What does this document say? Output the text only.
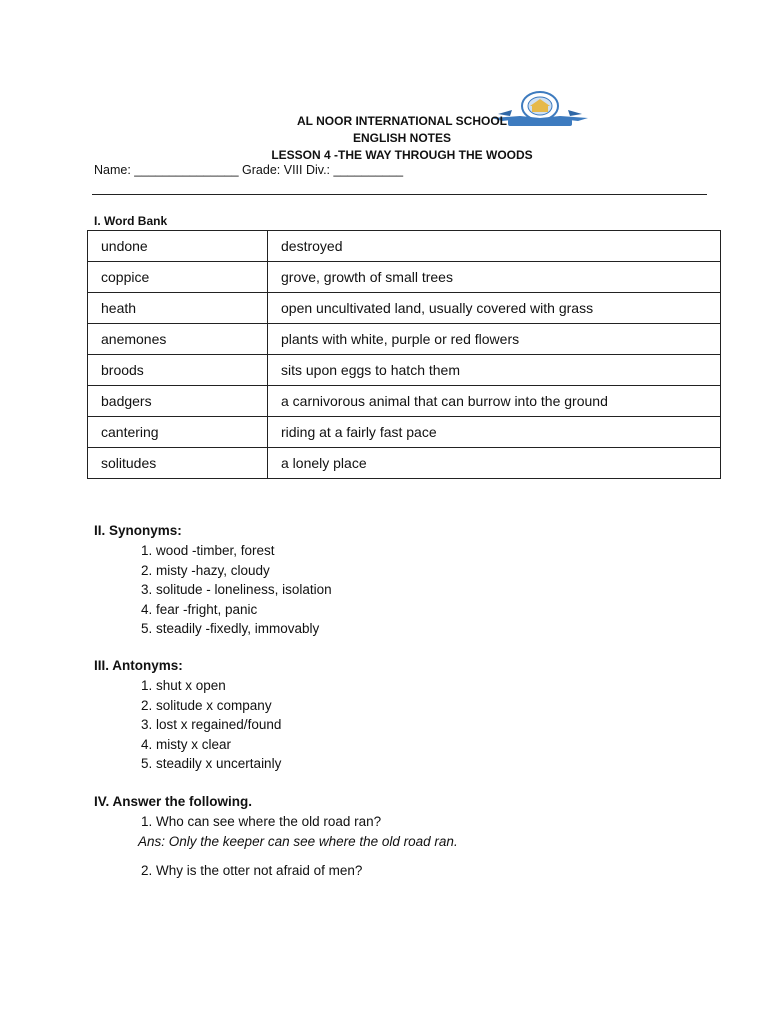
AL NOOR INTERNATIONAL SCHOOL
ENGLISH NOTES
LESSON 4 -THE WAY THROUGH THE WOODS
Name: _______________ Grade: VIII Div.: __________
I. Word Bank
undone	destroyed
coppice	grove, growth of small trees
heath	open uncultivated land, usually covered with grass
anemones	plants with white, purple or red flowers
broods	sits upon eggs to hatch them
badgers	a carnivorous animal that can burrow into the ground
cantering	riding at a fairly fast pace
solitudes	a lonely place
II. Synonyms:
1. wood -timber, forest
2. misty -hazy, cloudy
3. solitude - loneliness, isolation
4. fear -fright, panic
5. steadily -fixedly, immovably
III. Antonyms:
1. shut x open
2. solitude x company
3. lost x regained/found
4. misty x clear
5. steadily x uncertainly
IV. Answer the following.
1. Who can see where the old road ran?
Ans: Only the keeper can see where the old road ran.
2. Why is the otter not afraid of men?
